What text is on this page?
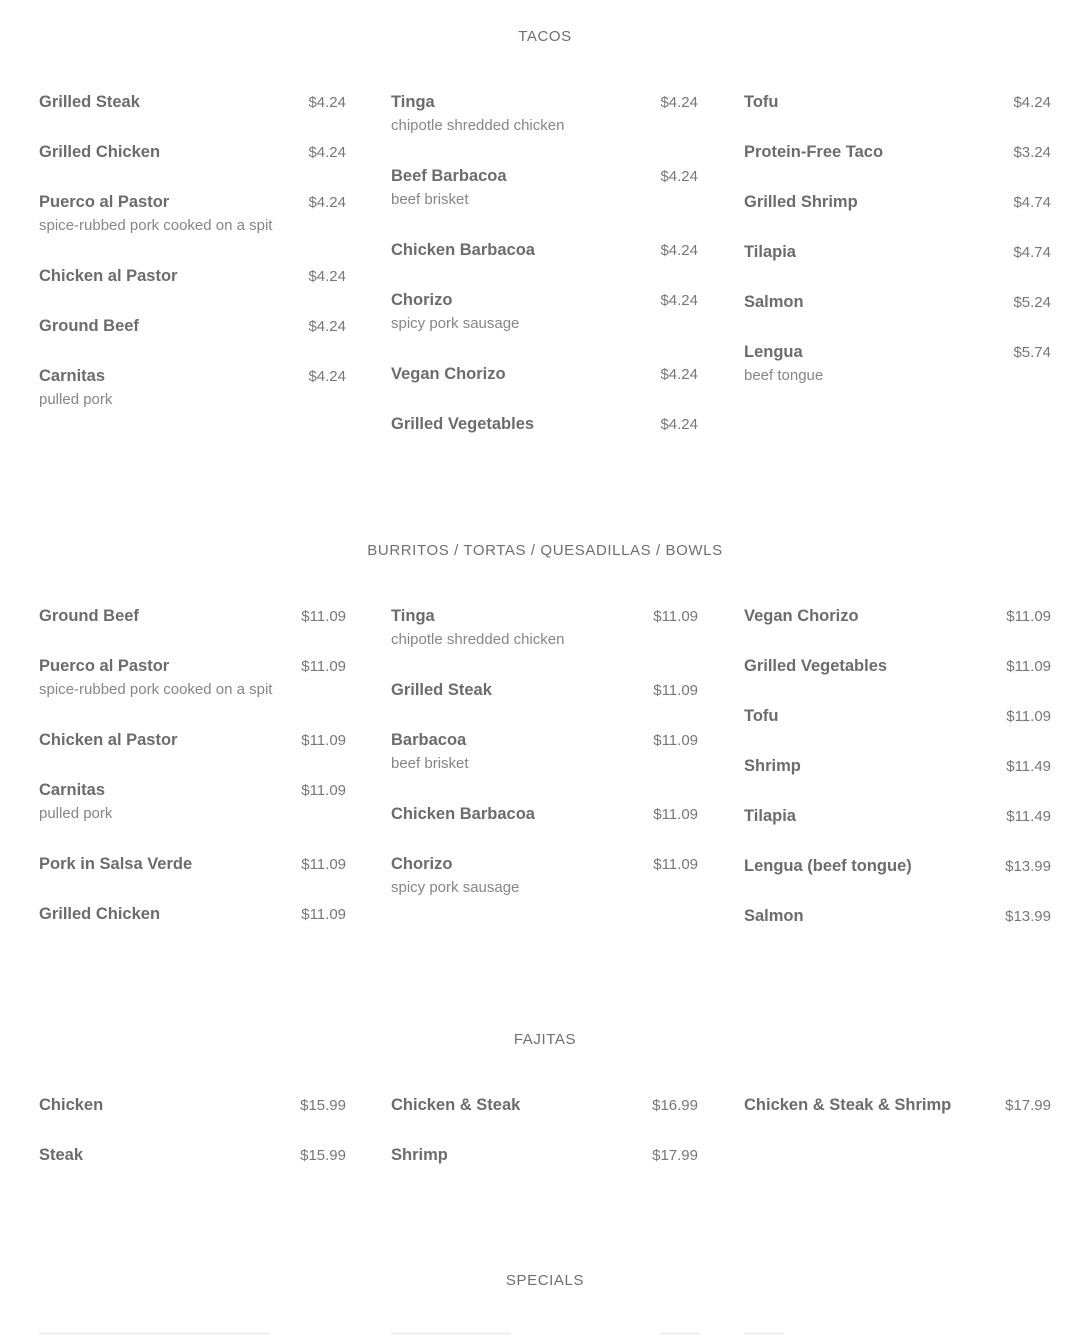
TACOS
Grilled Steak	$4.24
Grilled Chicken	$4.24
Puerco al Pastor	$4.24
spice-rubbed pork cooked on a spit
Chicken al Pastor	$4.24
Ground Beef	$4.24
Carnitas	$4.24
pulled pork
Tinga	$4.24
chipotle shredded chicken
Beef Barbacoa	$4.24
beef brisket
Chicken Barbacoa	$4.24
Chorizo	$4.24
spicy pork sausage
Vegan Chorizo	$4.24
Grilled Vegetables	$4.24
Tofu	$4.24
Protein-Free Taco	$3.24
Grilled Shrimp	$4.74
Tilapia	$4.74
Salmon	$5.24
Lengua	$5.74
beef tongue
BURRITOS / TORTAS / QUESADILLAS / BOWLS
Ground Beef	$11.09
Puerco al Pastor	$11.09
spice-rubbed pork cooked on a spit
Chicken al Pastor	$11.09
Carnitas	$11.09
pulled pork
Pork in Salsa Verde	$11.09
Grilled Chicken	$11.09
Tinga	$11.09
chipotle shredded chicken
Grilled Steak	$11.09
Barbacoa	$11.09
beef brisket
Chicken Barbacoa	$11.09
Chorizo	$11.09
spicy pork sausage
Vegan Chorizo	$11.09
Grilled Vegetables	$11.09
Tofu	$11.09
Shrimp	$11.49
Tilapia	$11.49
Lengua (beef tongue)	$13.99
Salmon	$13.99
FAJITAS
Chicken	$15.99
Steak	$15.99
Chicken & Steak	$16.99
Shrimp	$17.99
Chicken & Steak & Shrimp	$17.99
SPECIALS
